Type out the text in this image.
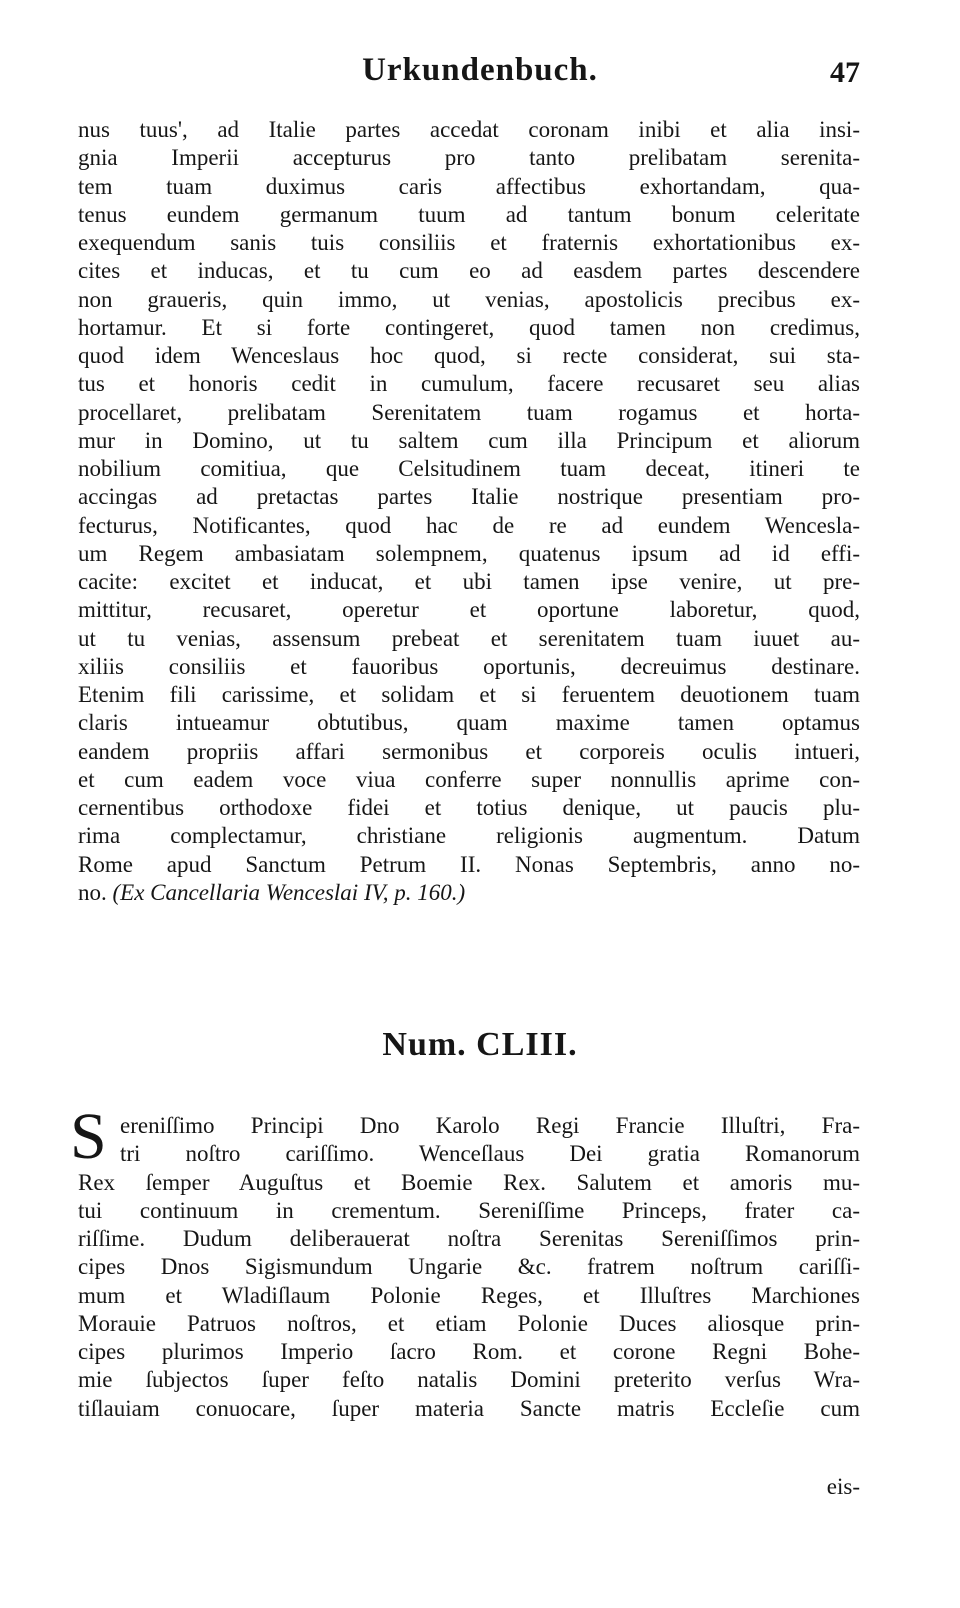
Urkundenbuch.	47
nus tuus', ad Italie partes accedat coronam inibi et alia insi-
gnia Imperii accepturus pro tanto prelibatam serenita-
tem tuam duximus caris affectibus exhortandam, qua-
tenus eundem germanum tuum ad tantum bonum celeritate
exequendum sanis tuis consiliis et fraternis exhortationibus ex-
cites et inducas, et tu cum eo ad easdem partes descendere
non graueris, quin immo, ut venias, apostolicis precibus ex-
hortamur. Et si forte contingeret, quod tamen non credimus,
quod idem Wenceslaus hoc quod, si recte considerat, sui sta-
tus et honoris cedit in cumulum, facere recusaret seu alias
procellaret, prelibatam Serenitatem tuam rogamus et horta-
mur in Domino, ut tu saltem cum illa Principum et aliorum
nobilium comitiua, que Celsitudinem tuam deceat, itineri te
accingas ad pretactas partes Italie nostrique presentiam pro-
fecturus, Notificantes, quod hac de re ad eundem Wencesla-
um Regem ambasiatam solempnem, quatenus ipsum ad id effi-
cacite: excitet et inducat, et ubi tamen ipse venire, ut pre-
mittitur, recusaret, operetur et oportune laboretur, quod,
ut tu venias, assensum prebeat et serenitatem tuam iuuet au-
xiliis consiliis et fauoribus oportunis, decreuimus destinare.
Etenim fili carissime, et solidam et si feruentem deuotionem tuam
claris intueamur obtutibus, quam maxime tamen optamus
eandem propriis affari sermonibus et corporeis oculis intueri,
et cum eadem voce viua conferre super nonnullis aprime con-
cernentibus orthodoxe fidei et totius denique, ut paucis plu-
rima complectamur, christiane religionis augmentum. Datum
Rome apud Sanctum Petrum II. Nonas Septembris, anno no-
no. (Ex Cancellaria Wenceslai IV, p. 160.)
Num. CLIII.
S ereniſſimo Principi Dno Karolo Regi Francie Illuſtri, Fra-
tri noſtro cariſſimo. Wenceſlaus Dei gratia Romanorum
Rex ſemper Auguſtus et Boemie Rex. Salutem et amoris mu-
tui continuum in crementum. Sereniſſime Princeps, frater ca-
riſſime. Dudum deliberauerat noſtra Serenitas Sereniſſimos prin-
cipes Dnos Sigismundum Ungarie &c. fratrem noſtrum cariſſi-
mum et Wladiſlaum Polonie Reges, et Illuſtres Marchiones
Morauie Patruos noſtros, et etiam Polonie Duces aliosque prin-
cipes plurimos Imperio ſacro Rom. et corone Regni Bohe-
mie ſubjectos ſuper feſto natalis Domini preterito verſus Wra-
tiſlauiam conuocare, ſuper materia Sancte matris Eccleſie cum
eis-
